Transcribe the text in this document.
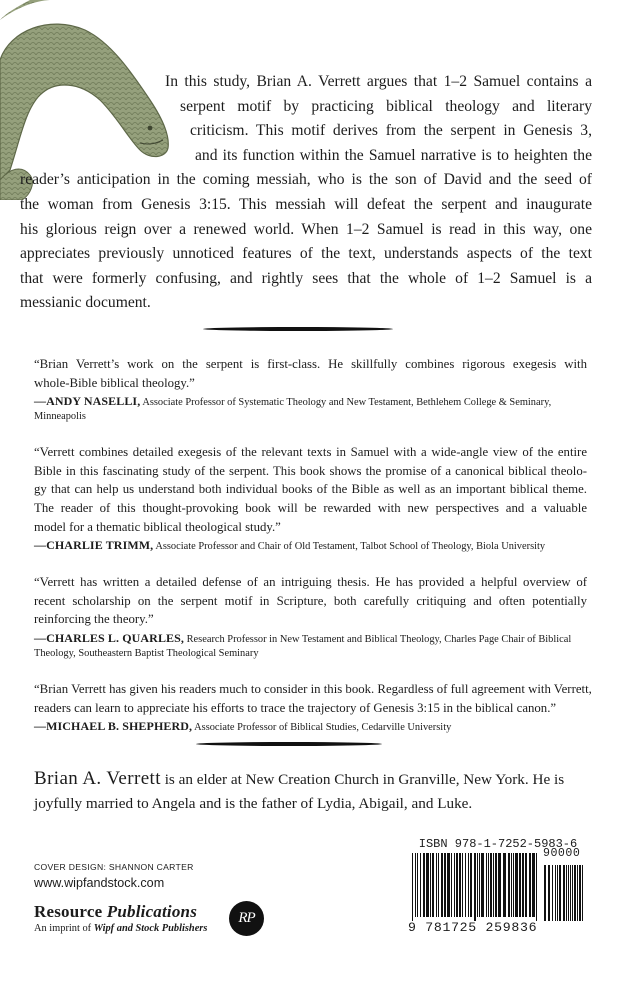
In this study, Brian A. Verrett argues that 1–2 Samuel contains a
serpent motif by practicing biblical theology and literary
criticism. This motif derives from the serpent in Genesis 3,
and its function within the Samuel narrative is to heighten the
reader’s anticipation in the coming messiah, who is the son of David and the seed of
the woman from Genesis 3:15. This messiah will defeat the serpent and inaugurate
his glorious reign over a renewed world. When 1–2 Samuel is read in this way, one
appreciates previously unnoticed features of the text, understands aspects of the text
that were formerly confusing, and rightly sees that the whole of 1–2 Samuel is a
messianic document.

“Brian Verrett’s work on the serpent is first-class. He skillfully combines rigorous exegesis with
whole-Bible biblical theology.”

—ANDY NASELLI, Associate Professor of Systematic Theology and New Testament, Bethlehem College & Seminary, Minneapolis

“Verrett combines detailed exegesis of the relevant texts in Samuel with a wide-angle view of the entire
Bible in this fascinating study of the serpent. This book shows the promise of a canonical biblical theolo-
gy that can help us understand both individual books of the Bible as well as an important biblical theme.
The reader of this thought-provoking book will be rewarded with new perspectives and a valuable
model for a thematic biblical theological study.”

—CHARLIE TRIMM, Associate Professor and Chair of Old Testament, Talbot School of Theology, Biola University

“Verrett has written a detailed defense of an intriguing thesis. He has provided a helpful overview of
recent scholarship on the serpent motif in Scripture, both carefully critiquing and often potentially
reinforcing the theory.”

—CHARLES L. QUARLES, Research Professor in New Testament and Biblical Theology, Charles Page Chair of Biblical Theology, Southeastern Baptist Theological Seminary

“Brian Verrett has given his readers much to consider in this book. Regardless of full agreement with Verrett,
readers can learn to appreciate his efforts to trace the trajectory of Genesis 3:15 in the biblical canon.”

—MICHAEL B. SHEPHERD, Associate Professor of Biblical Studies, Cedarville University

Brian A. Verrett is an elder at New Creation Church in Granville, New York. He is joyfully married to Angela and is the father of Lydia, Abigail, and Luke.

COVER DESIGN: SHANNON CARTER
www.wipfandstock.com
Resource Publications
An imprint of Wipf and Stock Publishers
RP
ISBN 978-1-7252-5983-6
90000
9 781725 259836
